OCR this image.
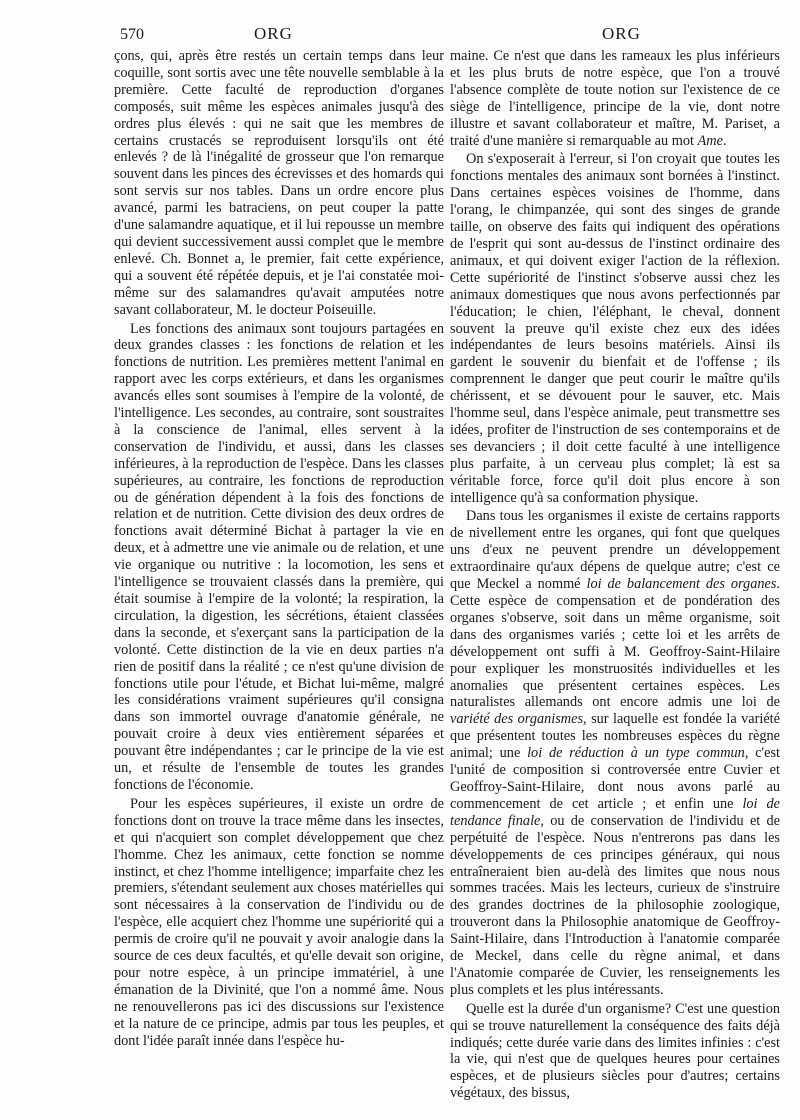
570	ORG	ORG

çons, qui, après être restés un certain temps dans leur coquille, sont sortis avec une tête nouvelle semblable à la première. Cette faculté de reproduction d'organes composés, suit même les espèces animales jusqu'à des ordres plus élevés : qui ne sait que les membres de certains crustacés se reproduisent lorsqu'ils ont été enlevés ? de là l'inégalité de grosseur que l'on remarque souvent dans les pinces des écrevisses et des homards qui sont servis sur nos tables. Dans un ordre encore plus avancé, parmi les batraciens, on peut couper la patte d'une salamandre aquatique, et il lui repousse un membre qui devient successivement aussi complet que le membre enlevé. Ch. Bonnet a, le premier, fait cette expérience, qui a souvent été répétée depuis, et je l'ai constatée moi-même sur des salamandres qu'avait amputées notre savant collaborateur, M. le docteur Poiseuille.

Les fonctions des animaux sont toujours partagées en deux grandes classes : les fonctions de relation et les fonctions de nutrition. Les premières mettent l'animal en rapport avec les corps extérieurs, et dans les organismes avancés elles sont soumises à l'empire de la volonté, de l'intelligence. Les secondes, au contraire, sont soustraites à la conscience de l'animal, elles servent à la conservation de l'individu, et aussi, dans les classes inférieures, à la reproduction de l'espèce. Dans les classes supérieures, au contraire, les fonctions de reproduction ou de génération dépendent à la fois des fonctions de relation et de nutrition. Cette division des deux ordres de fonctions avait déterminé Bichat à partager la vie en deux, et à admettre une vie animale ou de relation, et une vie organique ou nutritive : la locomotion, les sens et l'intelligence se trouvaient classés dans la première, qui était soumise à l'empire de la volonté; la respiration, la circulation, la digestion, les sécrétions, étaient classées dans la seconde, et s'exerçant sans la participation de la volonté. Cette distinction de la vie en deux parties n'a rien de positif dans la réalité ; ce n'est qu'une division de fonctions utile pour l'étude, et Bichat lui-même, malgré les considérations vraiment supérieures qu'il consigna dans son immortel ouvrage d'anatomie générale, ne pouvait croire à deux vies entièrement séparées et pouvant être indépendantes ; car le principe de la vie est un, et résulte de l'ensemble de toutes les grandes fonctions de l'économie.

Pour les espèces supérieures, il existe un ordre de fonctions dont on trouve la trace même dans les insectes, et qui n'acquiert son complet développement que chez l'homme. Chez les animaux, cette fonction se nomme instinct, et chez l'homme intelligence; imparfaite chez les premiers, s'étendant seulement aux choses matérielles qui sont nécessaires à la conservation de l'individu ou de l'espèce, elle acquiert chez l'homme une supériorité qui a permis de croire qu'il ne pouvait y avoir analogie dans la source de ces deux facultés, et qu'elle devait son origine, pour notre espèce, à un principe immatériel, à une émanation de la Divinité, que l'on a nommé âme. Nous ne renouvellerons pas ici des discussions sur l'existence et la nature de ce principe, admis par tous les peuples, et dont l'idée paraît innée dans l'espèce hu-

maine. Ce n'est que dans les rameaux les plus inférieurs et les plus bruts de notre espèce, que l'on a trouvé l'absence complète de toute notion sur l'existence de ce siège de l'intelligence, principe de la vie, dont notre illustre et savant collaborateur et maître, M. Pariset, a traité d'une manière si remarquable au mot Ame.

On s'exposerait à l'erreur, si l'on croyait que toutes les fonctions mentales des animaux sont bornées à l'instinct. Dans certaines espèces voisines de l'homme, dans l'orang, le chimpanzée, qui sont des singes de grande taille, on observe des faits qui indiquent des opérations de l'esprit qui sont au-dessus de l'instinct ordinaire des animaux, et qui doivent exiger l'action de la réflexion. Cette supériorité de l'instinct s'observe aussi chez les animaux domestiques que nous avons perfectionnés par l'éducation; le chien, l'éléphant, le cheval, donnent souvent la preuve qu'il existe chez eux des idées indépendantes de leurs besoins matériels. Ainsi ils gardent le souvenir du bienfait et de l'offense ; ils comprennent le danger que peut courir le maître qu'ils chérissent, et se dévouent pour le sauver, etc. Mais l'homme seul, dans l'espèce animale, peut transmettre ses idées, profiter de l'instruction de ses contemporains et de ses devanciers ; il doit cette faculté à une intelligence plus parfaite, à un cerveau plus complet; là est sa véritable force, force qu'il doit plus encore à son intelligence qu'à sa conformation physique.

Dans tous les organismes il existe de certains rapports de nivellement entre les organes, qui font que quelques uns d'eux ne peuvent prendre un développement extraordinaire qu'aux dépens de quelque autre; c'est ce que Meckel a nommé loi de balancement des organes. Cette espèce de compensation et de pondération des organes s'observe, soit dans un même organisme, soit dans des organismes variés ; cette loi et les arrêts de développement ont suffi à M. Geoffroy-Saint-Hilaire pour expliquer les monstruosités individuelles et les anomalies que présentent certaines espèces. Les naturalistes allemands ont encore admis une loi de variété des organismes, sur laquelle est fondée la variété que présentent toutes les nombreuses espèces du règne animal; une loi de réduction à un type commun, c'est l'unité de composition si controversée entre Cuvier et Geoffroy-Saint-Hilaire, dont nous avons parlé au commencement de cet article ; et enfin une loi de tendance finale, ou de conservation de l'individu et de perpétuité de l'espèce. Nous n'entrerons pas dans les développements de ces principes généraux, qui nous entraîneraient bien au-delà des limites que nous nous sommes tracées. Mais les lecteurs, curieux de s'instruire des grandes doctrines de la philosophie zoologique, trouveront dans la Philosophie anatomique de Geoffroy-Saint-Hilaire, dans l'Introduction à l'anatomie comparée de Meckel, dans celle du règne animal, et dans l'Anatomie comparée de Cuvier, les renseignements les plus complets et les plus intéressants.

Quelle est la durée d'un organisme? C'est une question qui se trouve naturellement la conséquence des faits déjà indiqués; cette durée varie dans des limites infinies : c'est la vie, qui n'est que de quelques heures pour certaines espèces, et de plusieurs siècles pour d'autres; certains végétaux, des bissus,
